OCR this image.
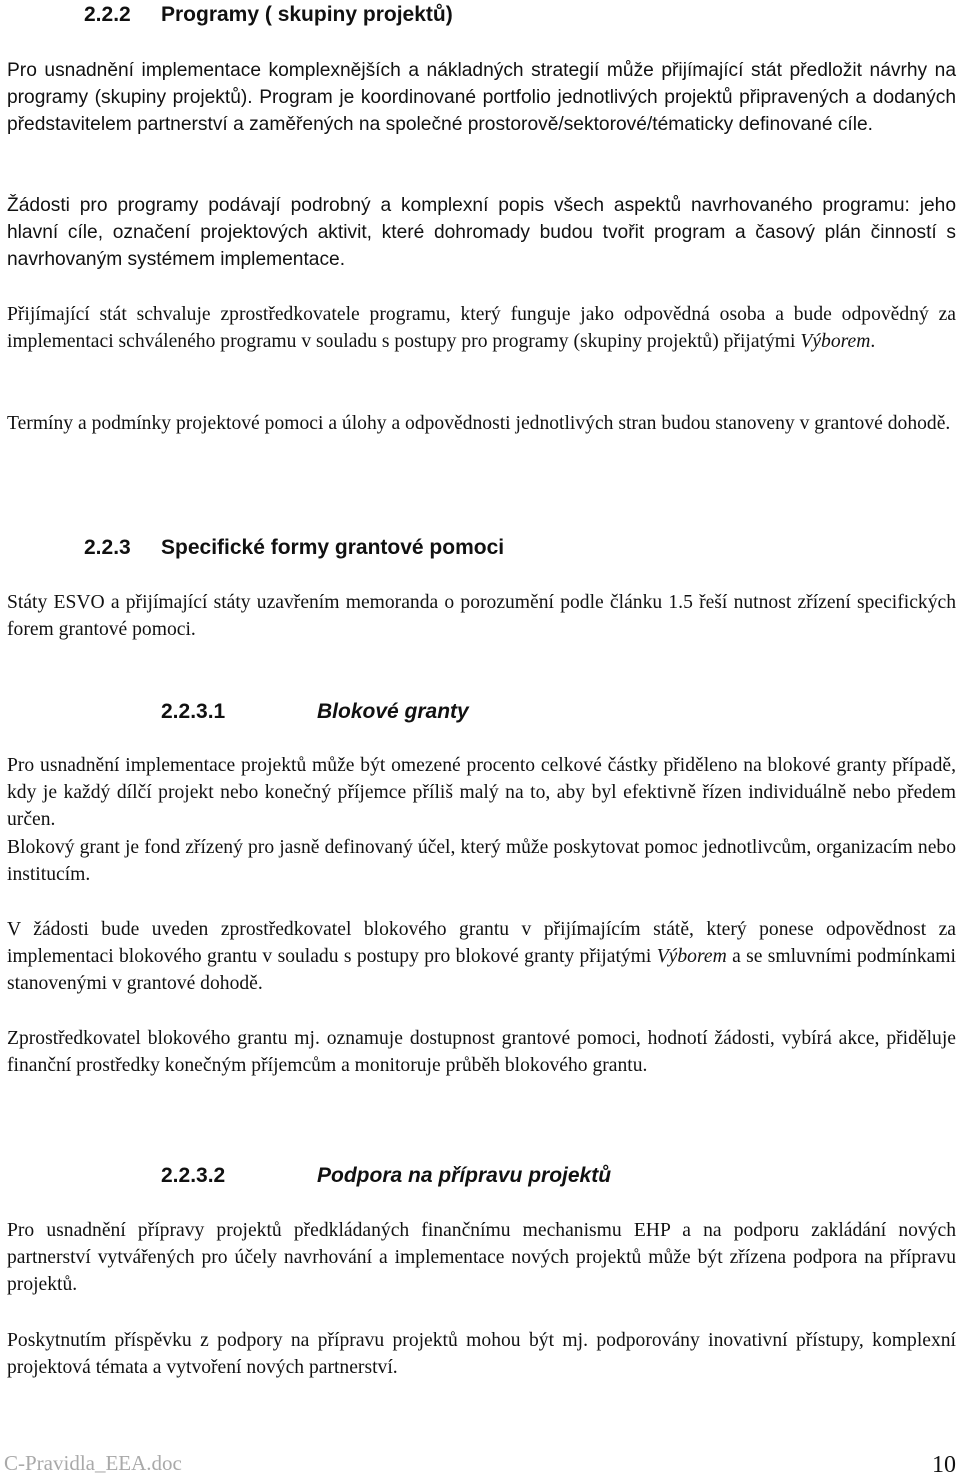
2.2.2 Programy ( skupiny projektů)

Pro usnadnění implementace komplexnějších a nákladných strategií může přijímající stát předložit návrhy na programy (skupiny projektů). Program je koordinované portfolio jednotlivých projektů připravených a dodaných představitelem partnerství a zaměřených na společné prostorově/sektorové/tématicky definované cíle.

Žádosti pro programy podávají podrobný a komplexní popis všech aspektů navrhovaného programu: jeho hlavní cíle, označení projektových aktivit, které dohromady budou tvořit program a časový plán činností s navrhovaným systémem implementace.

Přijímající stát schvaluje zprostředkovatele programu, který funguje jako odpovědná osoba a bude odpovědný za implementaci schváleného programu v souladu s postupy pro programy (skupiny projektů) přijatými Výborem.

Termíny a podmínky projektové pomoci a úlohy a odpovědnosti jednotlivých stran budou stanoveny v grantové dohodě.

2.2.3 Specifické formy grantové pomoci

Státy ESVO a přijímající státy uzavřením memoranda o porozumění podle článku 1.5 řeší nutnost zřízení specifických forem grantové pomoci.

2.2.3.1	Blokové granty

Pro usnadnění implementace projektů může být omezené procento celkové částky přiděleno na blokové granty případě, kdy je každý dílčí projekt nebo konečný příjemce příliš malý na to, aby byl efektivně řízen individuálně nebo předem určen.

Blokový grant je fond zřízený pro jasně definovaný účel, který může poskytovat pomoc jednotlivcům, organizacím nebo institucím.

V žádosti bude uveden zprostředkovatel blokového grantu v přijímajícím státě, který ponese odpovědnost za implementaci blokového grantu v souladu s postupy pro blokové granty přijatými Výborem a se smluvními podmínkami stanovenými v grantové dohodě.

Zprostředkovatel blokového grantu mj. oznamuje dostupnost grantové pomoci, hodnotí žádosti, vybírá akce, přiděluje finanční prostředky konečným příjemcům a monitoruje průběh blokového grantu.

2.2.3.2	Podpora na přípravu projektů

Pro usnadnění přípravy projektů předkládaných finančnímu mechanismu EHP a na podporu zakládání nových partnerství vytvářených pro účely navrhování a implementace nových projektů může být zřízena podpora na přípravu projektů.

Poskytnutím příspěvku z podpory na přípravu projektů mohou být mj. podporovány inovativní přístupy, komplexní projektová témata a vytvoření nových partnerství.

C-Pravidla_EEA.doc	10
